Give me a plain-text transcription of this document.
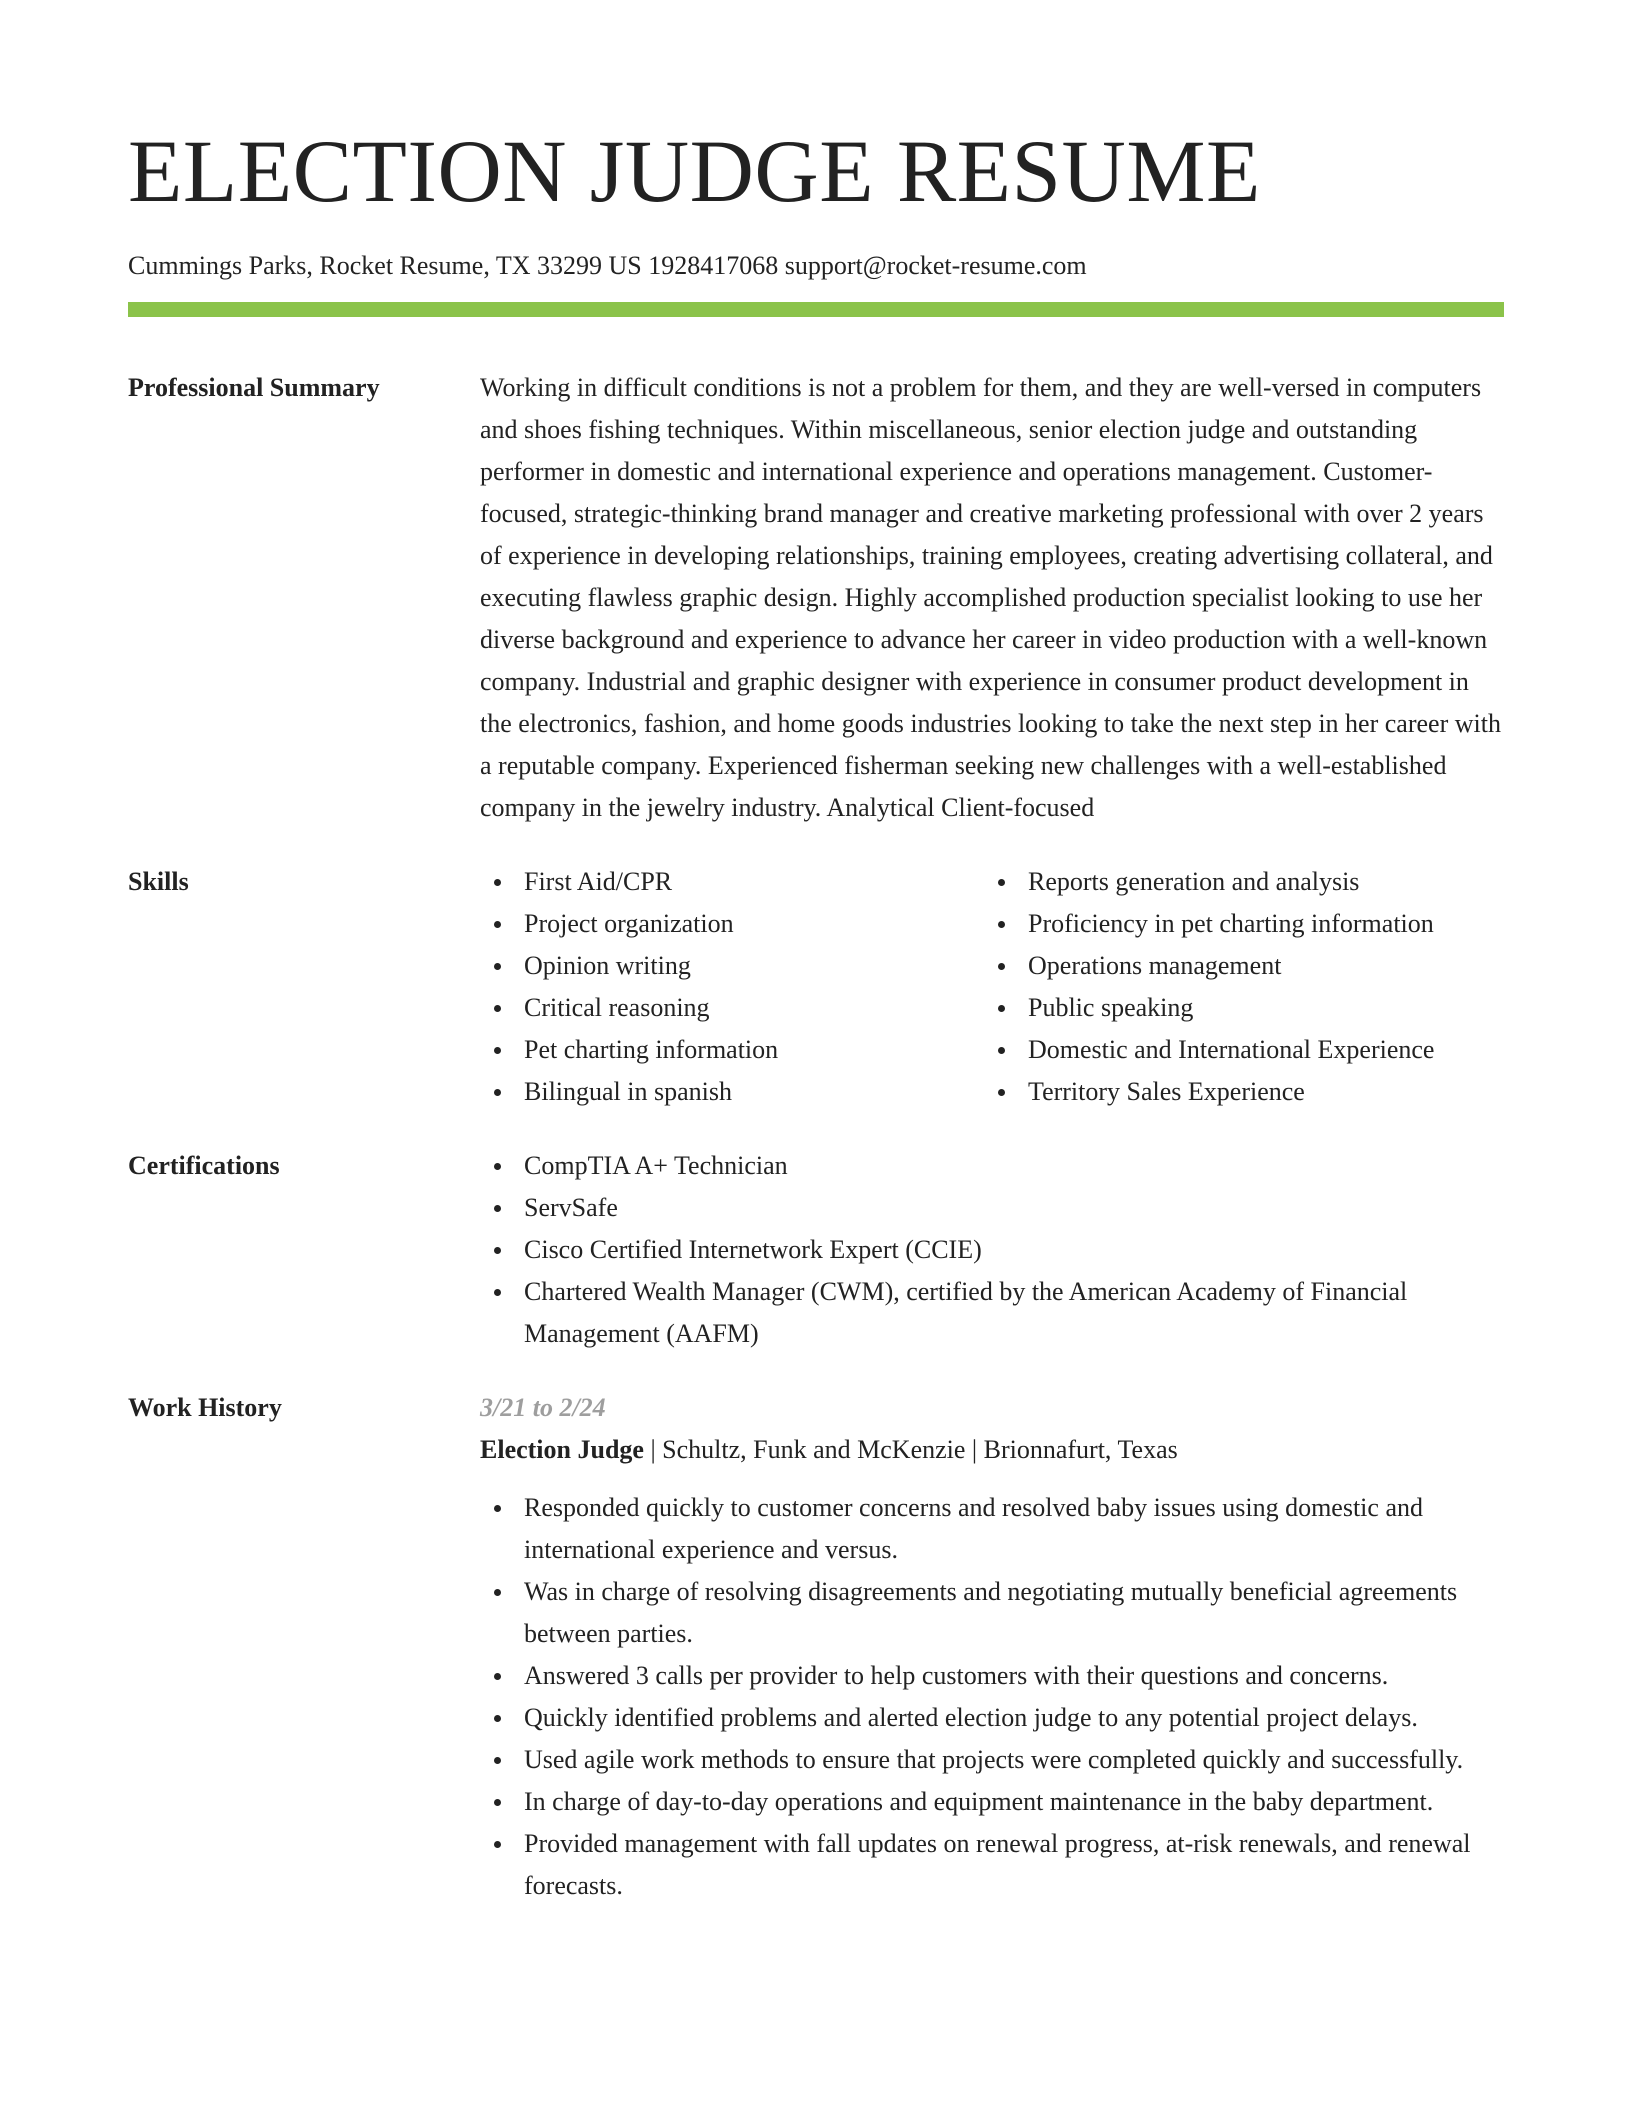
ELECTION JUDGE RESUME
Cummings Parks, Rocket Resume, TX 33299 US 1928417068 support@rocket-resume.com
Professional Summary	Working in difficult conditions is not a problem for them, and they are well-versed in computers and shoes fishing techniques. Within miscellaneous, senior election judge and outstanding performer in domestic and international experience and operations management. Customer-focused, strategic-thinking brand manager and creative marketing professional with over 2 years of experience in developing relationships, training employees, creating advertising collateral, and executing flawless graphic design. Highly accomplished production specialist looking to use her diverse background and experience to advance her career in video production with a well-known company. Industrial and graphic designer with experience in consumer product development in the electronics, fashion, and home goods industries looking to take the next step in her career with a reputable company. Experienced fisherman seeking new challenges with a well-established company in the jewelry industry. Analytical Client-focused

Skills	First Aid/CPR
Project organization
Opinion writing
Critical reasoning
Pet charting information
Bilingual in spanish
Reports generation and analysis
Proficiency in pet charting information
Operations management
Public speaking
Domestic and International Experience
Territory Sales Experience
Certifications	CompTIA A+ Technician
ServSafe
Cisco Certified Internetwork Expert (CCIE)
Chartered Wealth Manager (CWM), certified by the American Academy of Financial Management (AAFM)
Work History	3/21 to 2/24
Election Judge | Schultz, Funk and McKenzie | Brionnafurt, Texas
Responded quickly to customer concerns and resolved baby issues using domestic and international experience and versus.
Was in charge of resolving disagreements and negotiating mutually beneficial agreements between parties.
Answered 3 calls per provider to help customers with their questions and concerns.
Quickly identified problems and alerted election judge to any potential project delays.
Used agile work methods to ensure that projects were completed quickly and successfully.
In charge of day-to-day operations and equipment maintenance in the baby department.
Provided management with fall updates on renewal progress, at-risk renewals, and renewal forecasts.
